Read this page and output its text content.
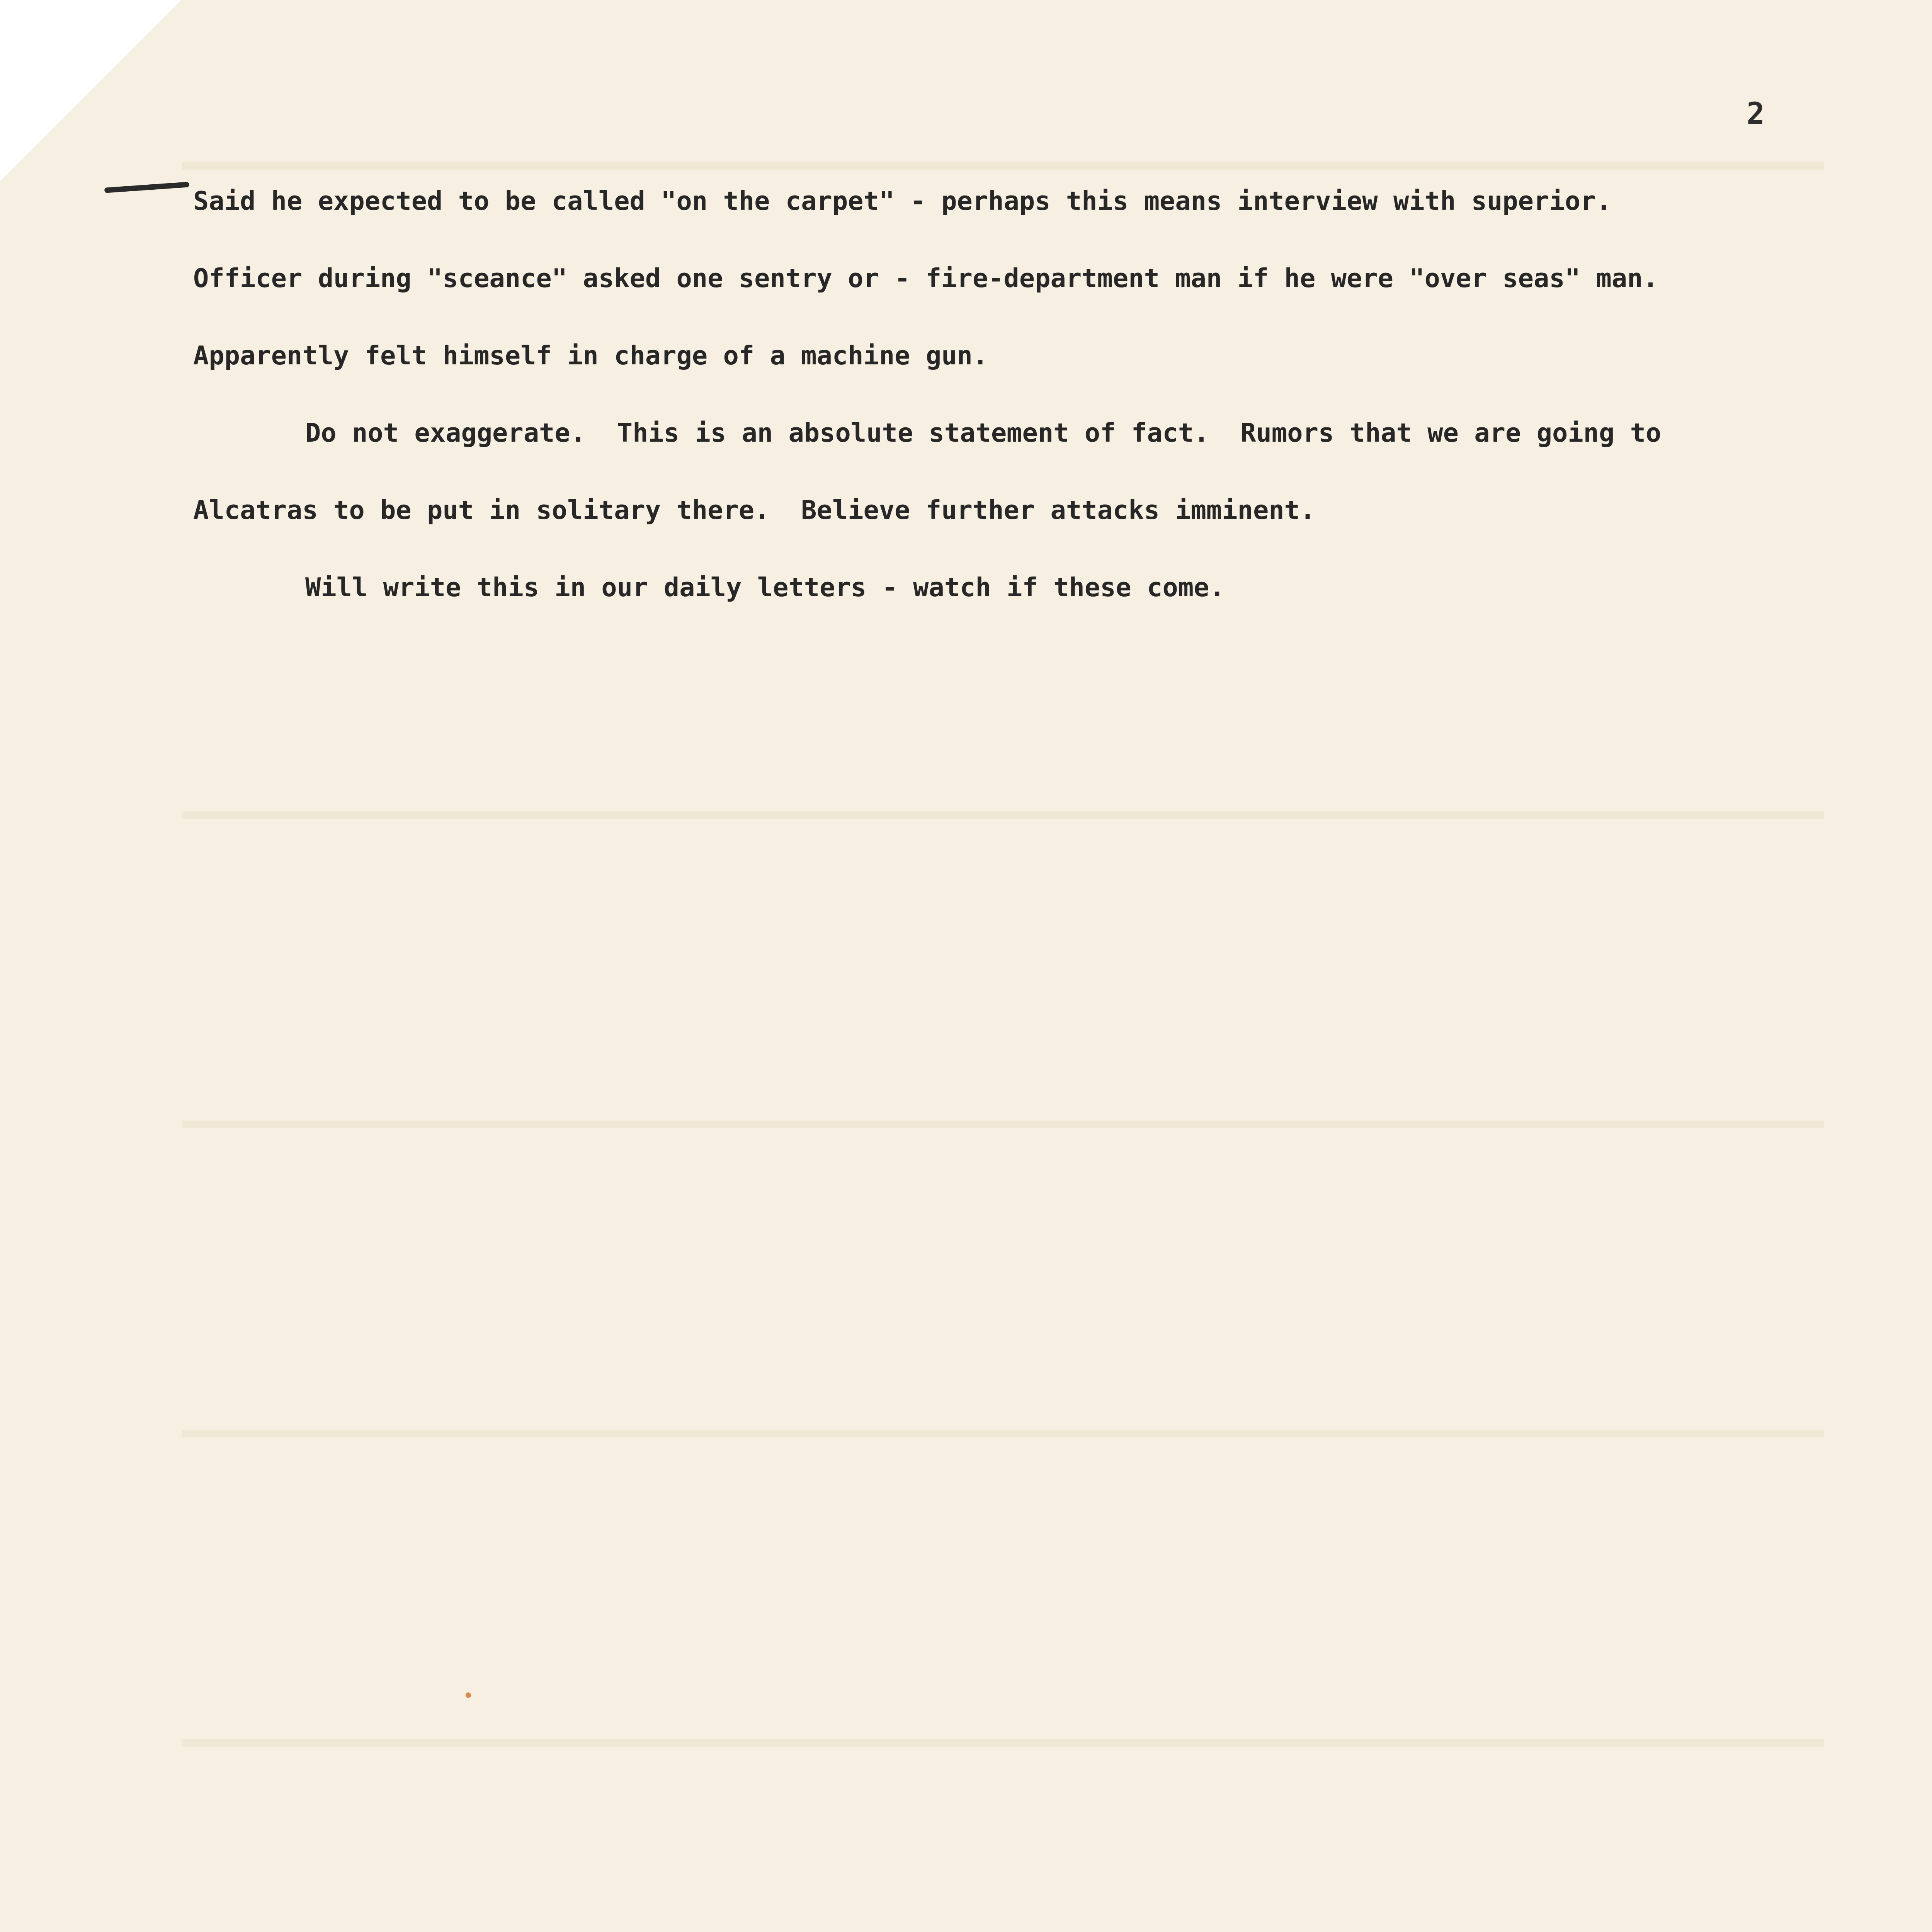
2

Said he expected to be called "on the carpet" - perhaps this means interview with superior.  Officer during "sceance" asked one sentry or - fire-department man if he were "over seas" man.  Apparently felt himself in charge of a machine gun.

Do not exaggerate.  This is an absolute statement of fact.  Rumors that we are going to Alcatras to be put in solitary there.  Believe further attacks imminent.

Will write this in our daily letters - watch if these come.
